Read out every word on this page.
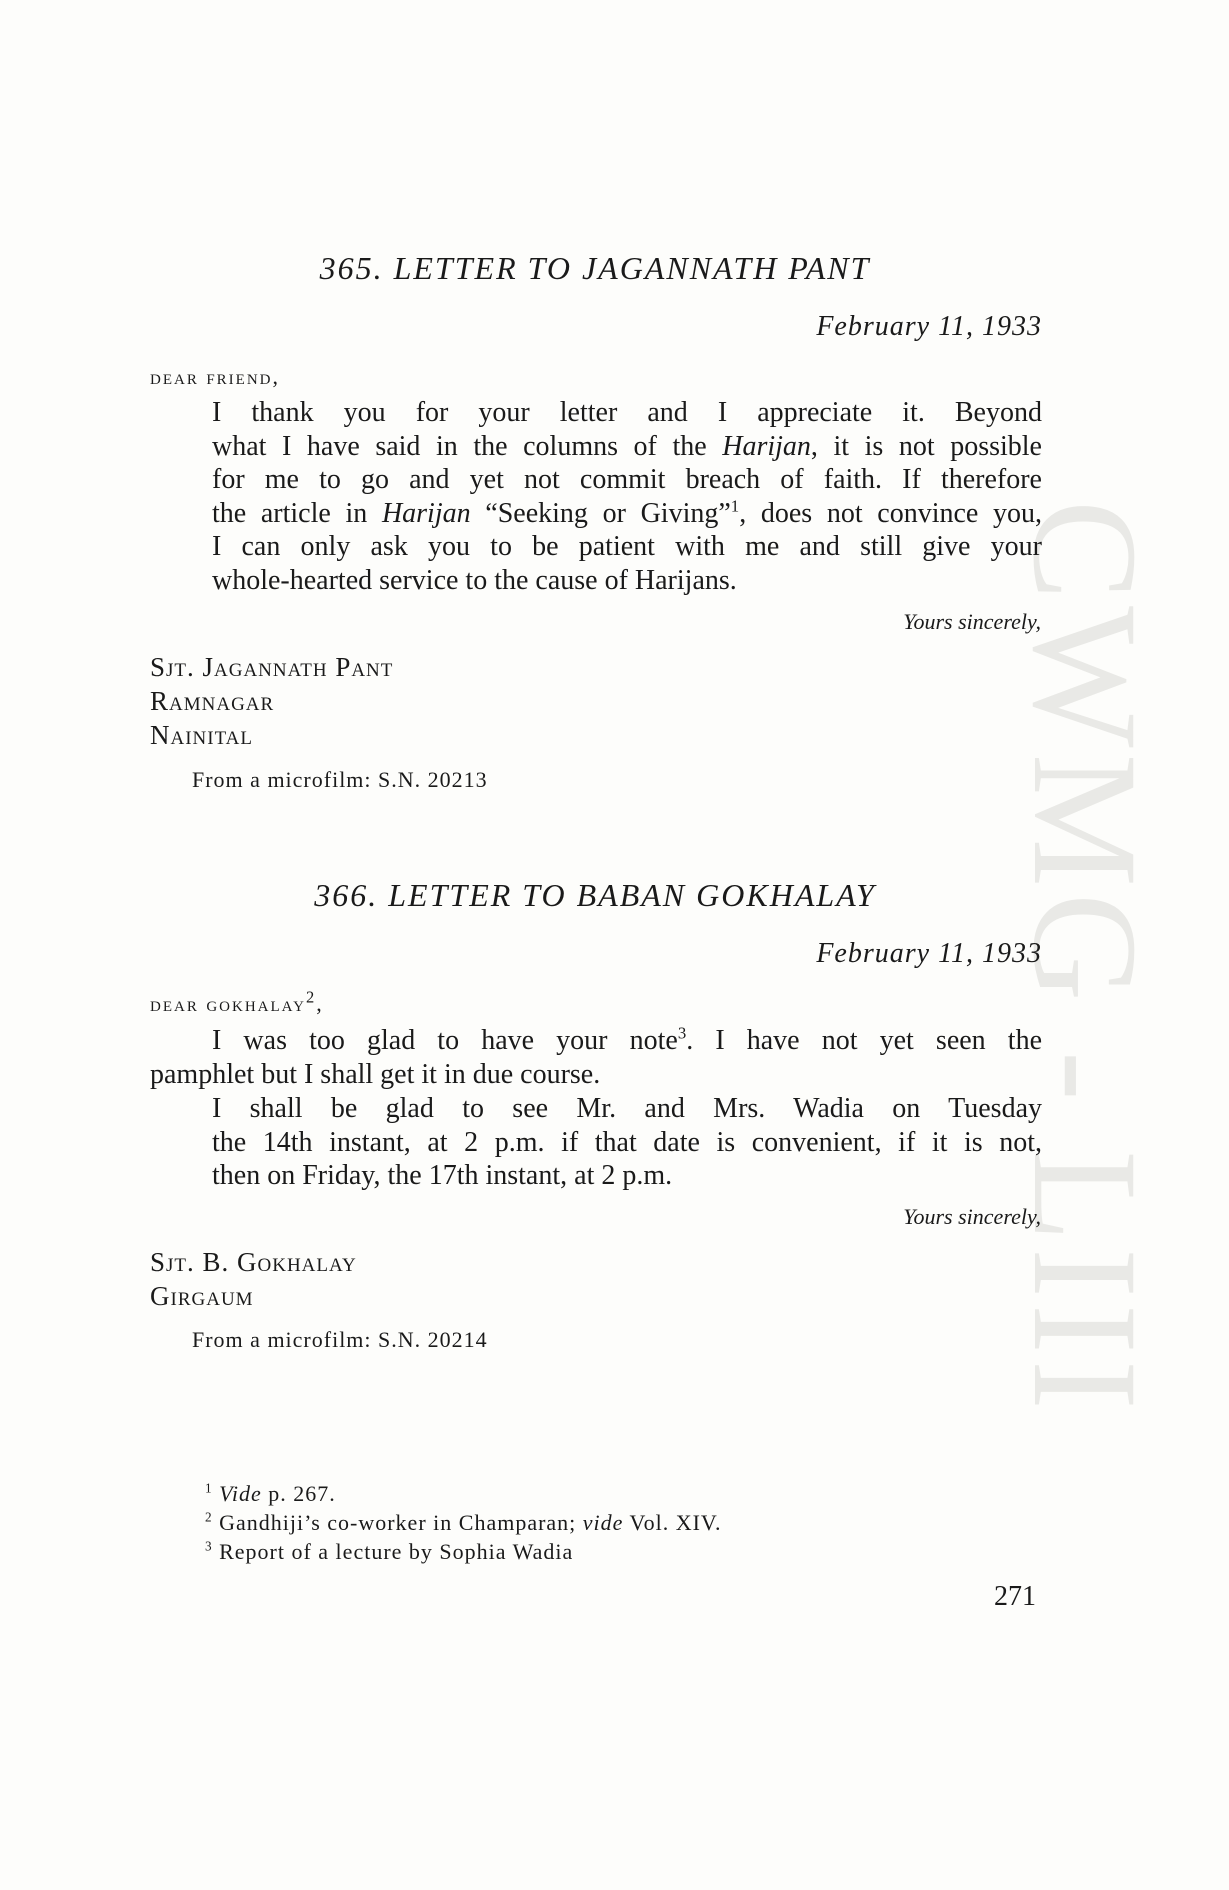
CWMG - LIII
365. LETTER TO JAGANNATH PANT
February 11, 1933
dear friend,
I thank you for your letter and I appreciate it. Beyond
what I have said in the columns of the Harijan, it is not possible
for me to go and yet not commit breach of faith. If therefore
the article in Harijan “Seeking or Giving”$^1$, does not convince you,
I can only ask you to be patient with me and still give your
whole-hearted service to the cause of Harijans.
Yours sincerely,
Sjt. Jagannath Pant
Ramnagar
Nainital
From a microfilm: S.N. 20213
366. LETTER TO BABAN GOKHALAY
February 11, 1933
dear gokhalay$^2$,
I was too glad to have your note$^3$. I have not yet seen the
pamphlet but I shall get it in due course.
I shall be glad to see Mr. and Mrs. Wadia on Tuesday
the 14th instant, at 2 p.m. if that date is convenient, if it is not,
then on Friday, the 17th instant, at 2 p.m.
Yours sincerely,
Sjt. B. Gokhalay
Girgaum
From a microfilm: S.N. 20214
$^1$ Vide p. 267.
$^2$ Gandhiji’s co-worker in Champaran; vide Vol. XIV.
$^3$ Report of a lecture by Sophia Wadia
271
